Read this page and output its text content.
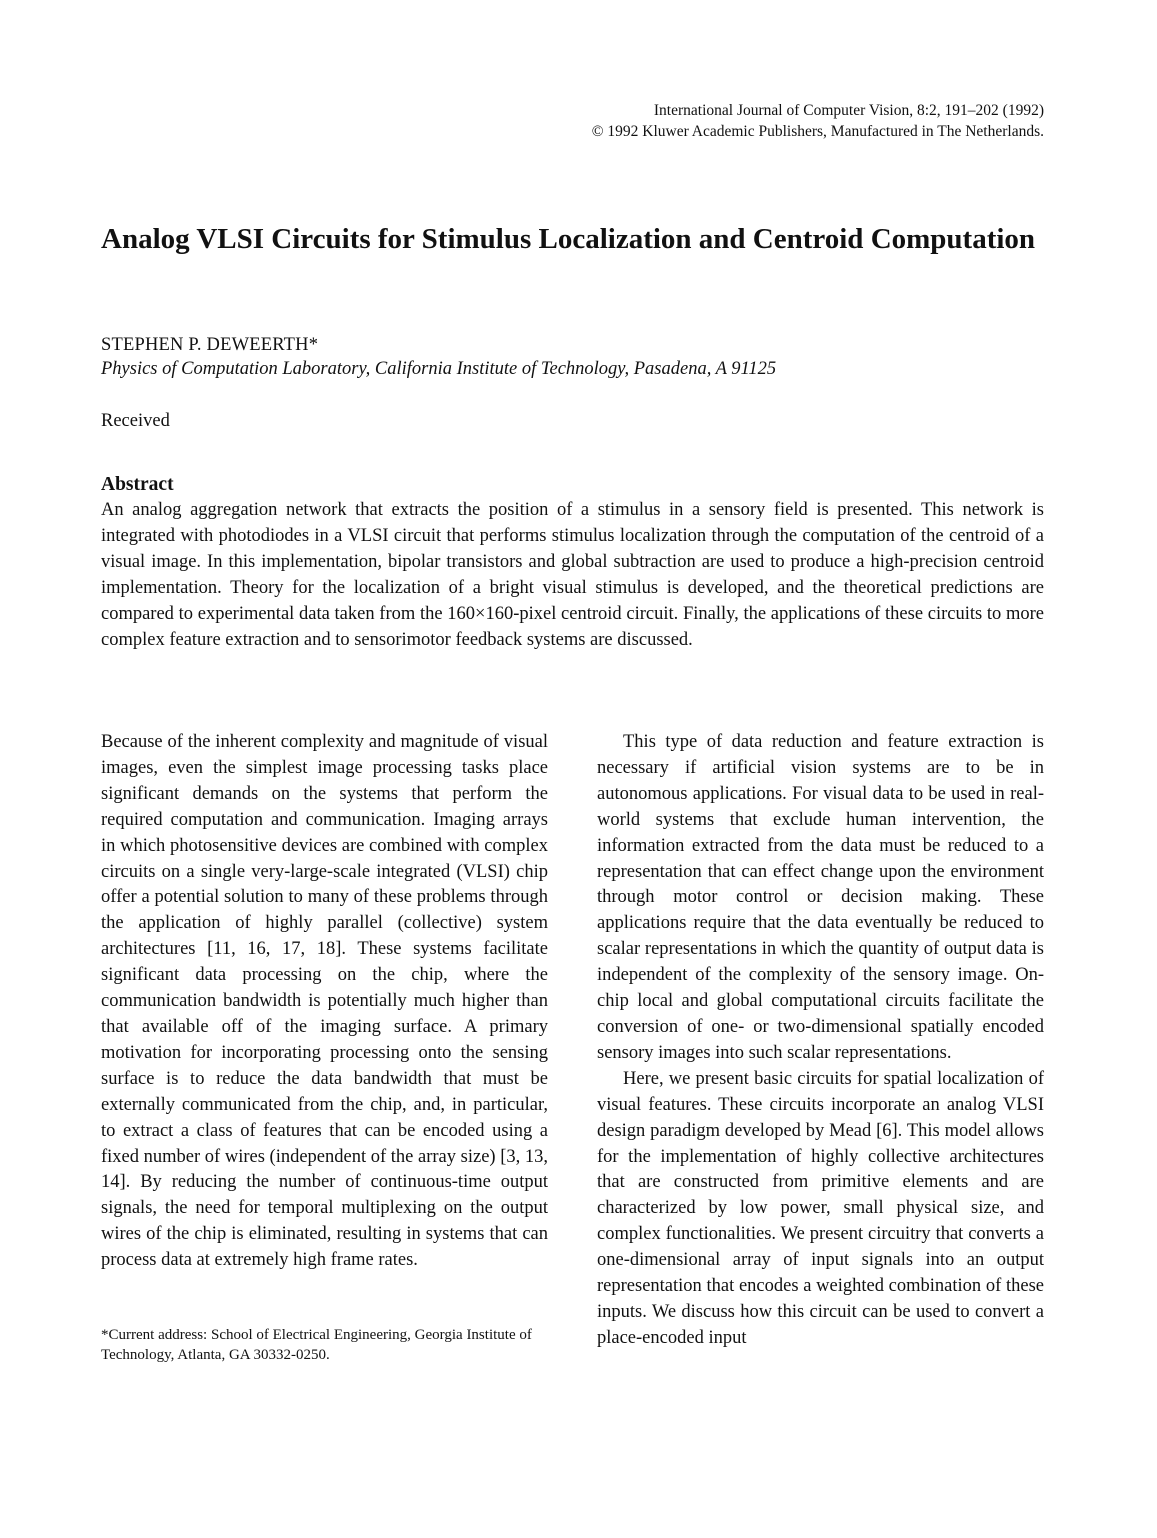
International Journal of Computer Vision, 8:2, 191–202 (1992)
© 1992 Kluwer Academic Publishers, Manufactured in The Netherlands.
Analog VLSI Circuits for Stimulus Localization and Centroid Computation
STEPHEN P. DEWEERTH*
Physics of Computation Laboratory, California Institute of Technology, Pasadena, A 91125
Received
Abstract

An analog aggregation network that extracts the position of a stimulus in a sensory field is presented. This network is integrated with photodiodes in a VLSI circuit that performs stimulus localization through the computation of the centroid of a visual image. In this implementation, bipolar transistors and global subtraction are used to produce a high-precision centroid implementation. Theory for the localization of a bright visual stimulus is developed, and the theoretical predictions are compared to experimental data taken from the 160×160-pixel centroid circuit. Finally, the applications of these circuits to more complex feature extraction and to sensorimotor feedback systems are discussed.

Because of the inherent complexity and magnitude of visual images, even the simplest image processing tasks place significant demands on the systems that perform the required computation and communication. Imaging arrays in which photosensitive devices are combined with complex circuits on a single very-large-scale integrated (VLSI) chip offer a potential solution to many of these problems through the application of highly parallel (collective) system architectures [11, 16, 17, 18]. These systems facilitate significant data processing on the chip, where the communication bandwidth is potentially much higher than that available off of the imaging surface. A primary motivation for incorporating processing onto the sensing surface is to reduce the data bandwidth that must be externally communicated from the chip, and, in particular, to extract a class of features that can be encoded using a fixed number of wires (independent of the array size) [3, 13, 14]. By reducing the number of continuous-time output signals, the need for temporal multiplexing on the output wires of the chip is eliminated, resulting in systems that can process data at extremely high frame rates.

This type of data reduction and feature extraction is necessary if artificial vision systems are to be in autonomous applications. For visual data to be used in real-world systems that exclude human intervention, the information extracted from the data must be reduced to a representation that can effect change upon the environment through motor control or decision making. These applications require that the data eventually be reduced to scalar representations in which the quantity of output data is independent of the complexity of the sensory image. On-chip local and global computational circuits facilitate the conversion of one- or two-dimensional spatially encoded sensory images into such scalar representations.

Here, we present basic circuits for spatial localization of visual features. These circuits incorporate an analog VLSI design paradigm developed by Mead [6]. This model allows for the implementation of highly collective architectures that are constructed from primitive elements and are characterized by low power, small physical size, and complex functionalities. We present circuitry that converts a one-dimensional array of input signals into an output representation that encodes a weighted combination of these inputs. We discuss how this circuit can be used to convert a place-encoded input

*Current address: School of Electrical Engineering, Georgia Institute of Technology, Atlanta, GA 30332-0250.
